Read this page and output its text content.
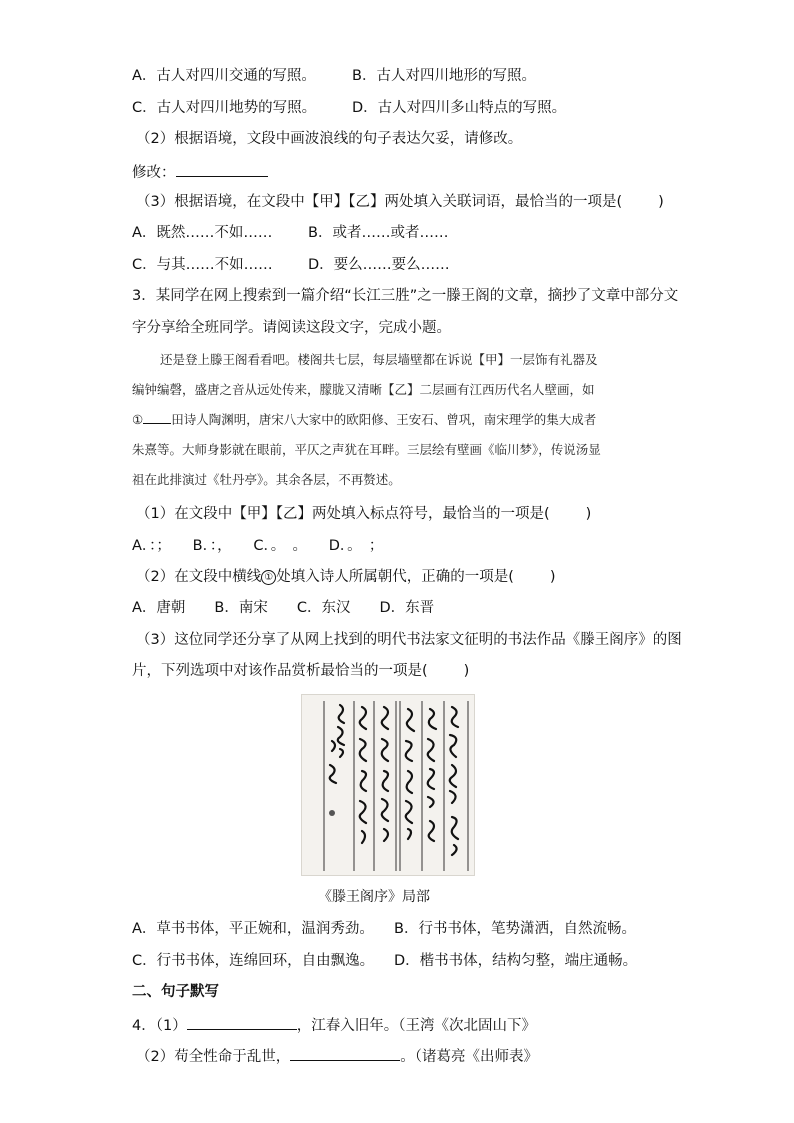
A．古人对四川交通的写照。 B．古人对四川地形的写照。
C．古人对四川地势的写照。 D．古人对四川多山特点的写照。
（2）根据语境，文段中画波浪线的句子表达欠妥，请修改。
修改：
（3）根据语境，在文段中【甲】【乙】两处填入关联词语，最恰当的一项是( )
A．既然……不如…… B．或者……或者……
C．与其……不如…… D．要么……要么……
3．某同学在网上搜索到一篇介绍“长江三胜”之一滕王阁的文章，摘抄了文章中部分文
字分享给全班同学。请阅读这段文字，完成小题。
还是登上滕王阁看看吧。楼阁共七层，每层墙壁都在诉说【甲】一层饰有礼器及
编钟编磬，盛唐之音从远处传来，朦胧又清晰【乙】二层画有江西历代名人壁画，如
① 田诗人陶渊明，唐宋八大家中的欧阳修、王安石、曾巩，南宋理学的集大成者
朱熹等。大师身影就在眼前，平仄之声犹在耳畔。三层绘有壁画《临川梦》，传说汤显
祖在此排演过《牡丹亭》。其余各层，不再赘述。
（1）在文段中【甲】【乙】两处填入标点符号，最恰当的一项是( )
A．：；　　B．：，　　C．。　。　　D．。　；
（2）在文段中横线 ① 处填入诗人所属朝代，正确的一项是( )
A．唐朝　　B．南宋　　C．东汉　　D．东晋
（3）这位同学还分享了从网上找到的明代书法家文征明的书法作品《滕王阁序》的图
片，下列选项中对该作品赏析最恰当的一项是( )
《滕王阁序》局部
A．草书书体，平正婉和，温润秀劲。 B．行书书体，笔势潇洒，自然流畅。
C．行书书体，连绵回环，自由飘逸。 D．楷书书体，结构匀整，端庄通畅。
二、句子默写
4．（1）	，江春入旧年。（王湾《次北固山下》
（2）苟全性命于乱世，	。（诸葛亮《出师表》
